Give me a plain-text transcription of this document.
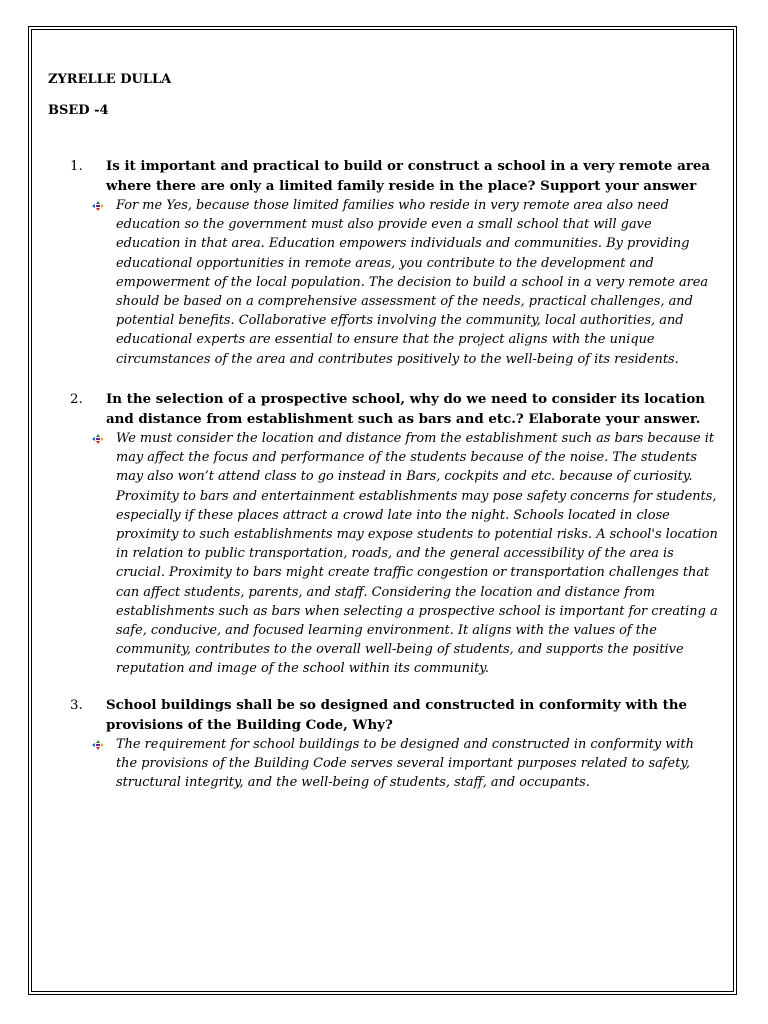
ZYRELLE DULLA
BSED -4
1. Is it important and practical to build or construct a school in a very remote area where there are only a limited family reside in the place? Support your answer
For me Yes, because those limited families who reside in very remote area also need education so the government must also provide even a small school that will gave education in that area. Education empowers individuals and communities. By providing educational opportunities in remote areas, you contribute to the development and empowerment of the local population. The decision to build a school in a very remote area should be based on a comprehensive assessment of the needs, practical challenges, and potential benefits. Collaborative efforts involving the community, local authorities, and educational experts are essential to ensure that the project aligns with the unique circumstances of the area and contributes positively to the well-being of its residents.
2. In the selection of a prospective school, why do we need to consider its location and distance from establishment such as bars and etc.? Elaborate your answer.
We must consider the location and distance from the establishment such as bars because it may affect the focus and performance of the students because of the noise. The students may also won’t attend class to go instead in Bars, cockpits and etc. because of curiosity. Proximity to bars and entertainment establishments may pose safety concerns for students, especially if these places attract a crowd late into the night. Schools located in close proximity to such establishments may expose students to potential risks. A school's location in relation to public transportation, roads, and the general accessibility of the area is crucial. Proximity to bars might create traffic congestion or transportation challenges that can affect students, parents, and staff. Considering the location and distance from establishments such as bars when selecting a prospective school is important for creating a safe, conducive, and focused learning environment. It aligns with the values of the community, contributes to the overall well-being of students, and supports the positive reputation and image of the school within its community.
3. School buildings shall be so designed and constructed in conformity with the provisions of the Building Code, Why?
The requirement for school buildings to be designed and constructed in conformity with the provisions of the Building Code serves several important purposes related to safety, structural integrity, and the well-being of students, staff, and occupants.
